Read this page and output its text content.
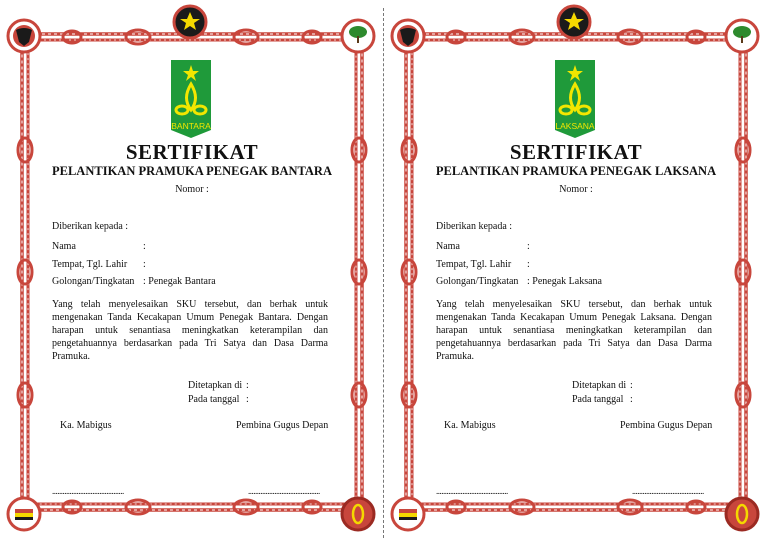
BANTARA
SERTIFIKAT
PELANTIKAN PRAMUKA PENEGAK BANTARA
Nomor :
Diberikan kepada :
Nama	:
Tempat, Tgl. Lahir :
Golongan/Tingkatan : Penegak Bantara
Yang telah menyelesaikan SKU tersebut, dan berhak untuk mengenakan Tanda Kecakapan Umum Penegak Bantara. Dengan harapan untuk senantiasa meningkatkan keterampilan dan pengetahuannya berdasarkan pada Tri Satya dan Dasa Darma Pramuka.
Ditetapkan di :
Pada tanggal :
Ka. Mabigus	Pembina Gugus Depan
.........................................	.........................................
LAKSANA
SERTIFIKAT
PELANTIKAN PRAMUKA PENEGAK LAKSANA
Nomor :
Diberikan kepada :
Nama	:
Tempat, Tgl. Lahir :
Golongan/Tingkatan : Penegak Laksana
Yang telah menyelesaikan SKU tersebut, dan berhak untuk mengenakan Tanda Kecakapan Umum Penegak Laksana. Dengan harapan untuk senantiasa meningkatkan keterampilan dan pengetahuannya berdasarkan pada Tri Satya dan Dasa Darma Pramuka.
Ditetapkan di :
Pada tanggal :
Ka. Mabigus	Pembina Gugus Depan
.........................................	.........................................
